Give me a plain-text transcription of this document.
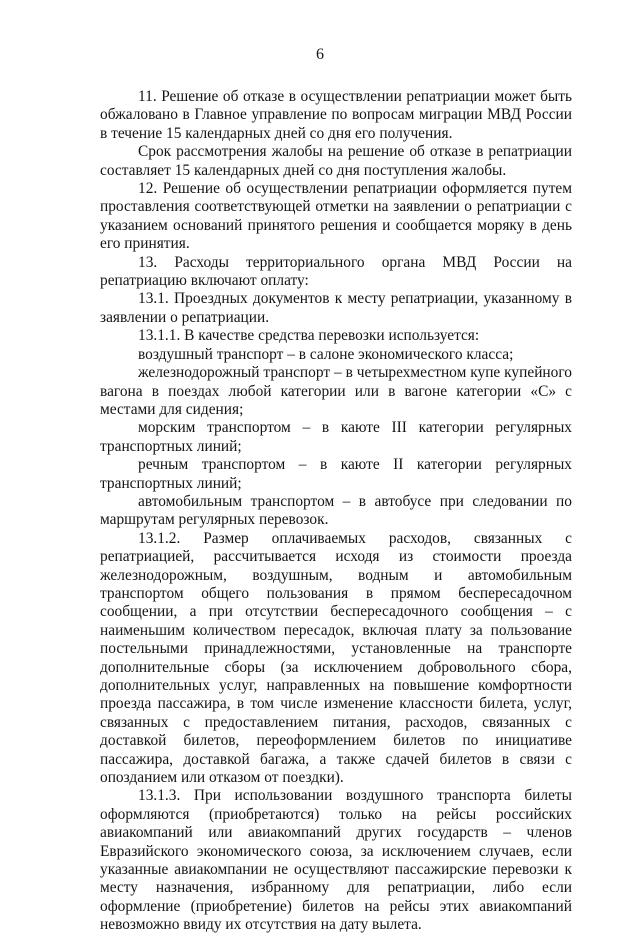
6

11. Решение об отказе в осуществлении репатриации может быть обжаловано в Главное управление по вопросам миграции МВД России в течение 15 календарных дней со дня его получения.

Срок рассмотрения жалобы на решение об отказе в репатриации составляет 15 календарных дней со дня поступления жалобы.

12. Решение об осуществлении репатриации оформляется путем проставления соответствующей отметки на заявлении о репатриации с указанием оснований принятого решения и сообщается моряку в день его принятия.

13. Расходы территориального органа МВД России на репатриацию включают оплату:

13.1. Проездных документов к месту репатриации, указанному в заявлении о репатриации.

13.1.1. В качестве средства перевозки используется:

воздушный транспорт – в салоне экономического класса;

железнодорожный транспорт – в четырехместном купе купейного вагона в поездах любой категории или в вагоне категории «С» с местами для сидения;

морским транспортом – в каюте III категории регулярных транспортных линий;

речным транспортом – в каюте II категории регулярных транспортных линий;

автомобильным транспортом – в автобусе при следовании по маршрутам регулярных перевозок.

13.1.2. Размер оплачиваемых расходов, связанных с репатриацией, рассчитывается исходя из стоимости проезда железнодорожным, воздушным, водным и автомобильным транспортом общего пользования в прямом беспересадочном сообщении, а при отсутствии беспересадочного сообщения – с наименьшим количеством пересадок, включая плату за пользование постельными принадлежностями, установленные на транспорте дополнительные сборы (за исключением добровольного сбора, дополнительных услуг, направленных на повышение комфортности проезда пассажира, в том числе изменение классности билета, услуг, связанных с предоставлением питания, расходов, связанных с доставкой билетов, переоформлением билетов по инициативе пассажира, доставкой багажа, а также сдачей билетов в связи с опозданием или отказом от поездки).

13.1.3. При использовании воздушного транспорта билеты оформляются (приобретаются) только на рейсы российских авиакомпаний или авиакомпаний других государств – членов Евразийского экономического союза, за исключением случаев, если указанные авиакомпании не осуществляют пассажирские перевозки к месту назначения, избранному для репатриации, либо если оформление (приобретение) билетов на рейсы этих авиакомпаний невозможно ввиду их отсутствия на дату вылета.
